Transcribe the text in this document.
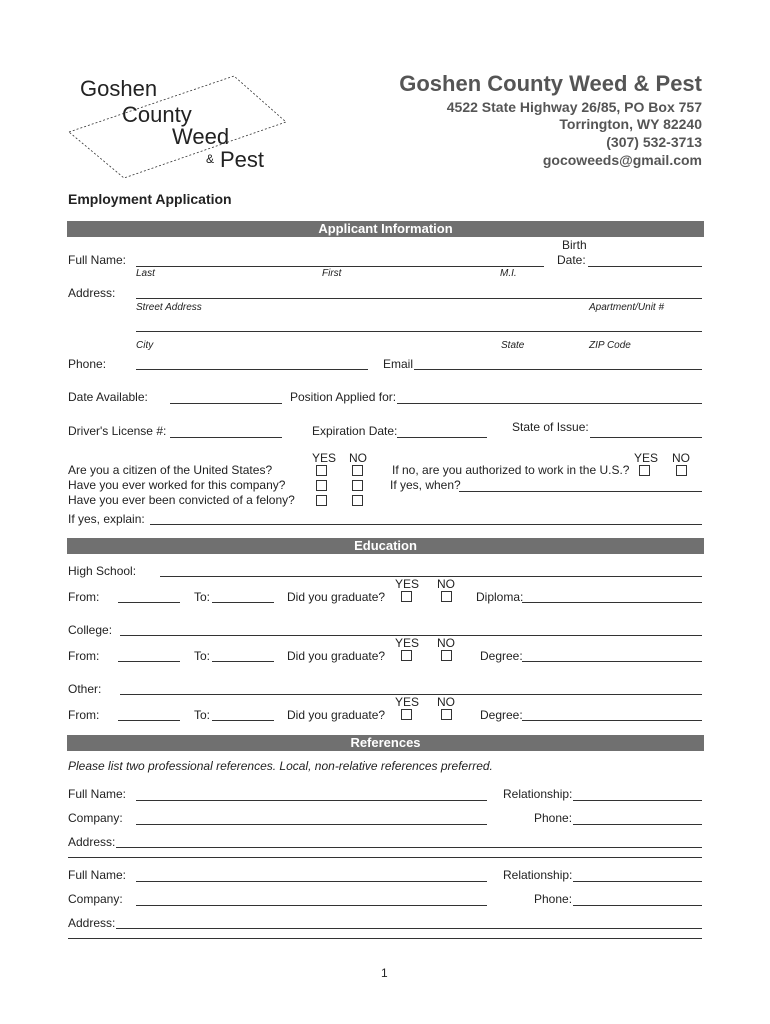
Goshen
County
Weed
& Pest
Goshen County Weed & Pest
4522 State Highway 26/85, PO Box 757
Torrington, WY 82240
(307) 532-3713
gocoweeds@gmail.com
Employment Application
Applicant Information
Full Name:
Birth
Date:
Last	First	M.I.
Address:
Street Address	Apartment/Unit #
City	State	ZIP Code
Phone:	Email
Date Available:	Position Applied for:
Driver's License #:	Expiration Date:	State of Issue:
YES NO	YES NO
Are you a citizen of the United States?	If no, are you authorized to work in the U.S.?
Have you ever worked for this company?	If yes, when?
Have you ever been convicted of a felony?
If yes, explain:
Education
High School:
YES NO
From:	To:	Did you graduate?	Diploma:
College:
YES NO
From:	To:	Did you graduate?	Degree:
Other:
YES NO
From:	To:	Did you graduate?	Degree:
References
Please list two professional references. Local, non-relative references preferred.
Full Name:	Relationship:
Company:	Phone:
Address:
Full Name:	Relationship:
Company:	Phone:
Address:
1
